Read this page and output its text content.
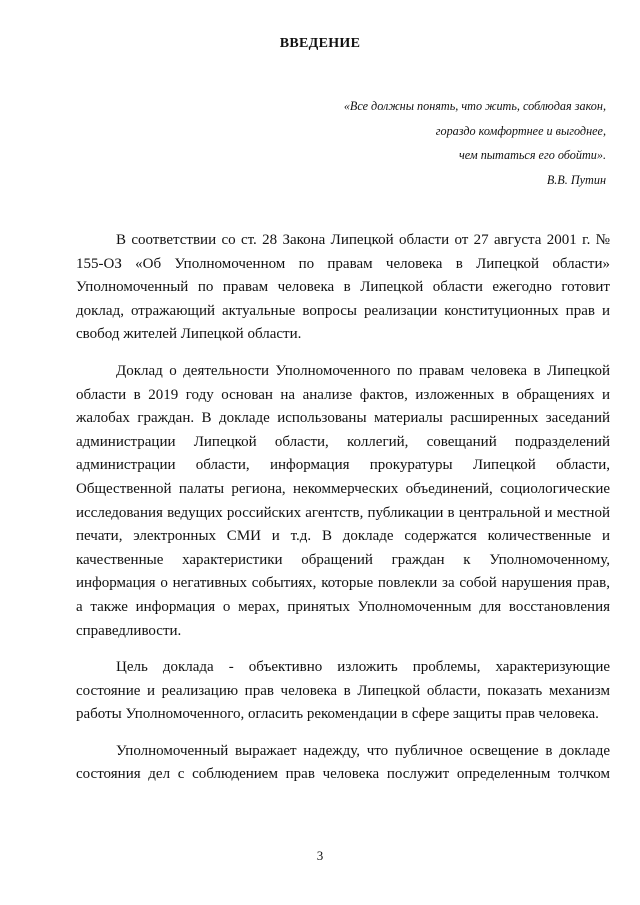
ВВЕДЕНИЕ
«Все должны понять, что жить, соблюдая закон,
гораздо комфортнее и выгоднее,
чем пытаться его обойти».
В.В. Путин
В соответствии со ст. 28 Закона Липецкой области от 27 августа 2001 г. №
155-ОЗ «Об Уполномоченном по правам человека в Липецкой области»
Уполномоченный по правам человека в Липецкой области ежегодно готовит
доклад, отражающий актуальные вопросы реализации конституционных прав и
свобод жителей Липецкой области.
Доклад о деятельности Уполномоченного по правам человека в Липецкой
области в 2019 году основан на анализе фактов, изложенных в обращениях и
жалобах граждан. В докладе использованы материалы расширенных заседаний
администрации Липецкой области, коллегий, совещаний подразделений
администрации области, информация прокуратуры Липецкой области,
Общественной палаты региона, некоммерческих объединений, социологические
исследования ведущих российских агентств, публикации в центральной и местной
печати, электронных СМИ и т.д. В докладе содержатся количественные и
качественные характеристики обращений граждан к Уполномоченному,
информация о негативных событиях, которые повлекли за собой нарушения прав,
а также информация о мерах, принятых Уполномоченным для восстановления
справедливости.
Цель доклада - объективно изложить проблемы, характеризующие
состояние и реализацию прав человека в Липецкой области, показать механизм
работы Уполномоченного, огласить рекомендации в сфере защиты прав человека.
Уполномоченный выражает надежду, что публичное освещение в докладе
состояния дел с соблюдением прав человека послужит определенным толчком
3
